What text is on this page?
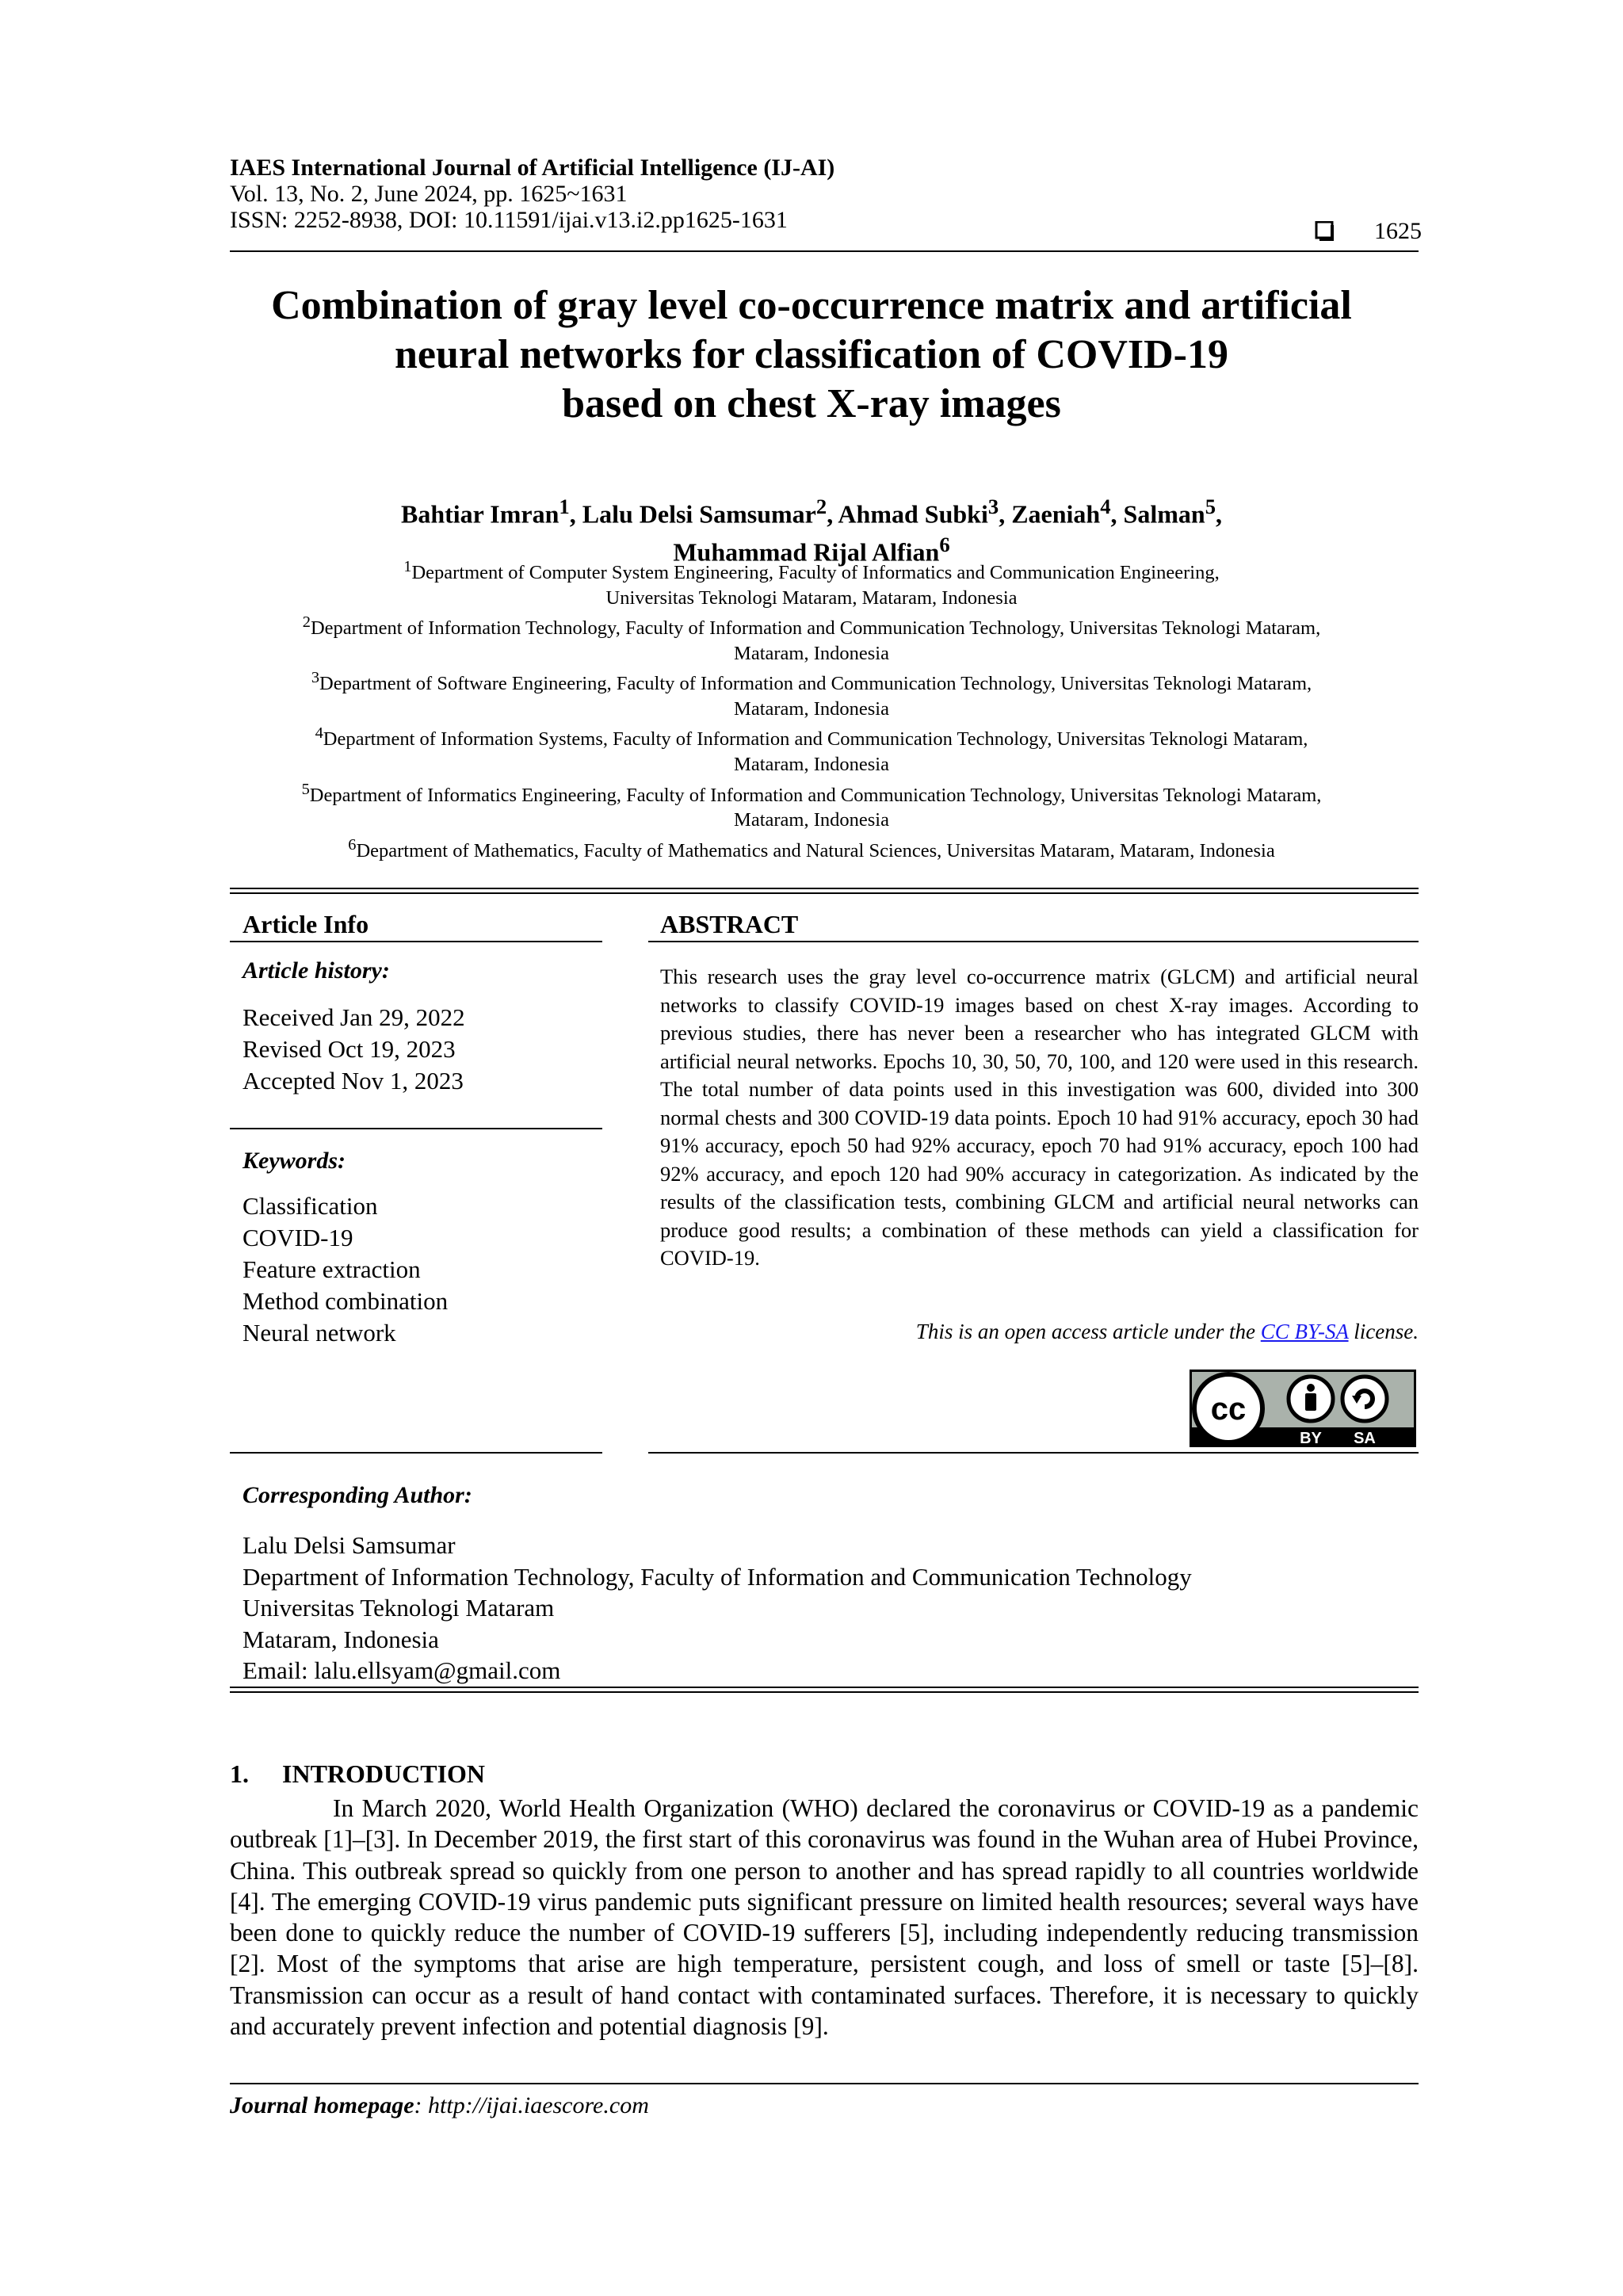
IAES International Journal of Artificial Intelligence (IJ-AI)
Vol. 13, No. 2, June 2024, pp. 1625~1631
ISSN: 2252-8938, DOI: 10.11591/ijai.v13.i2.pp1625-1631	1625
Combination of gray level co-occurrence matrix and artificial
neural networks for classification of COVID-19
based on chest X-ray images
Bahtiar Imran$^1$, Lalu Delsi Samsumar$^2$, Ahmad Subki$^3$, Zaeniah$^4$, Salman$^5$,
Muhammad Rijal Alfian$^6$
$^1$Department of Computer System Engineering, Faculty of Informatics and Communication Engineering,
Universitas Teknologi Mataram, Mataram, Indonesia
$^2$Department of Information Technology, Faculty of Information and Communication Technology, Universitas Teknologi Mataram,
Mataram, Indonesia
$^3$Department of Software Engineering, Faculty of Information and Communication Technology, Universitas Teknologi Mataram,
Mataram, Indonesia
$^4$Department of Information Systems, Faculty of Information and Communication Technology, Universitas Teknologi Mataram,
Mataram, Indonesia
$^5$Department of Informatics Engineering, Faculty of Information and Communication Technology, Universitas Teknologi Mataram,
Mataram, Indonesia
$^6$Department of Mathematics, Faculty of Mathematics and Natural Sciences, Universitas Mataram, Mataram, Indonesia
Article Info
Article history:
Received Jan 29, 2022
Revised Oct 19, 2023
Accepted Nov 1, 2023
Keywords:
Classification
COVID-19
Feature extraction
Method combination
Neural network
ABSTRACT
This research uses the gray level co-occurrence matrix (GLCM) and artificial neural networks to classify COVID-19 images based on chest X-ray images. According to previous studies, there has never been a researcher who has integrated GLCM with artificial neural networks. Epochs 10, 30, 50, 70, 100, and 120 were used in this research. The total number of data points used in this investigation was 600, divided into 300 normal chests and 300 COVID-19 data points. Epoch 10 had 91% accuracy, epoch 30 had 91% accuracy, epoch 50 had 92% accuracy, epoch 70 had 91% accuracy, epoch 100 had 92% accuracy, and epoch 120 had 90% accuracy in categorization. As indicated by the results of the classification tests, combining GLCM and artificial neural networks can produce good results; a combination of these methods can yield a classification for COVID-19.
This is an open access article under the CC BY-SA license.
cc
BY SA
Corresponding Author:
Lalu Delsi Samsumar
Department of Information Technology, Faculty of Information and Communication Technology
Universitas Teknologi Mataram
Mataram, Indonesia
Email: lalu.ellsyam@gmail.com
1. INTRODUCTION
In March 2020, World Health Organization (WHO) declared the coronavirus or COVID-19 as a pandemic outbreak [1]–[3]. In December 2019, the first start of this coronavirus was found in the Wuhan area of Hubei Province, China. This outbreak spread so quickly from one person to another and has spread rapidly to all countries worldwide [4]. The emerging COVID-19 virus pandemic puts significant pressure on limited health resources; several ways have been done to quickly reduce the number of COVID-19 sufferers [5], including independently reducing transmission [2]. Most of the symptoms that arise are high temperature, persistent cough, and loss of smell or taste [5]–[8]. Transmission can occur as a result of hand contact with contaminated surfaces. Therefore, it is necessary to quickly and accurately prevent infection and potential diagnosis [9].
Journal homepage: http://ijai.iaescore.com
